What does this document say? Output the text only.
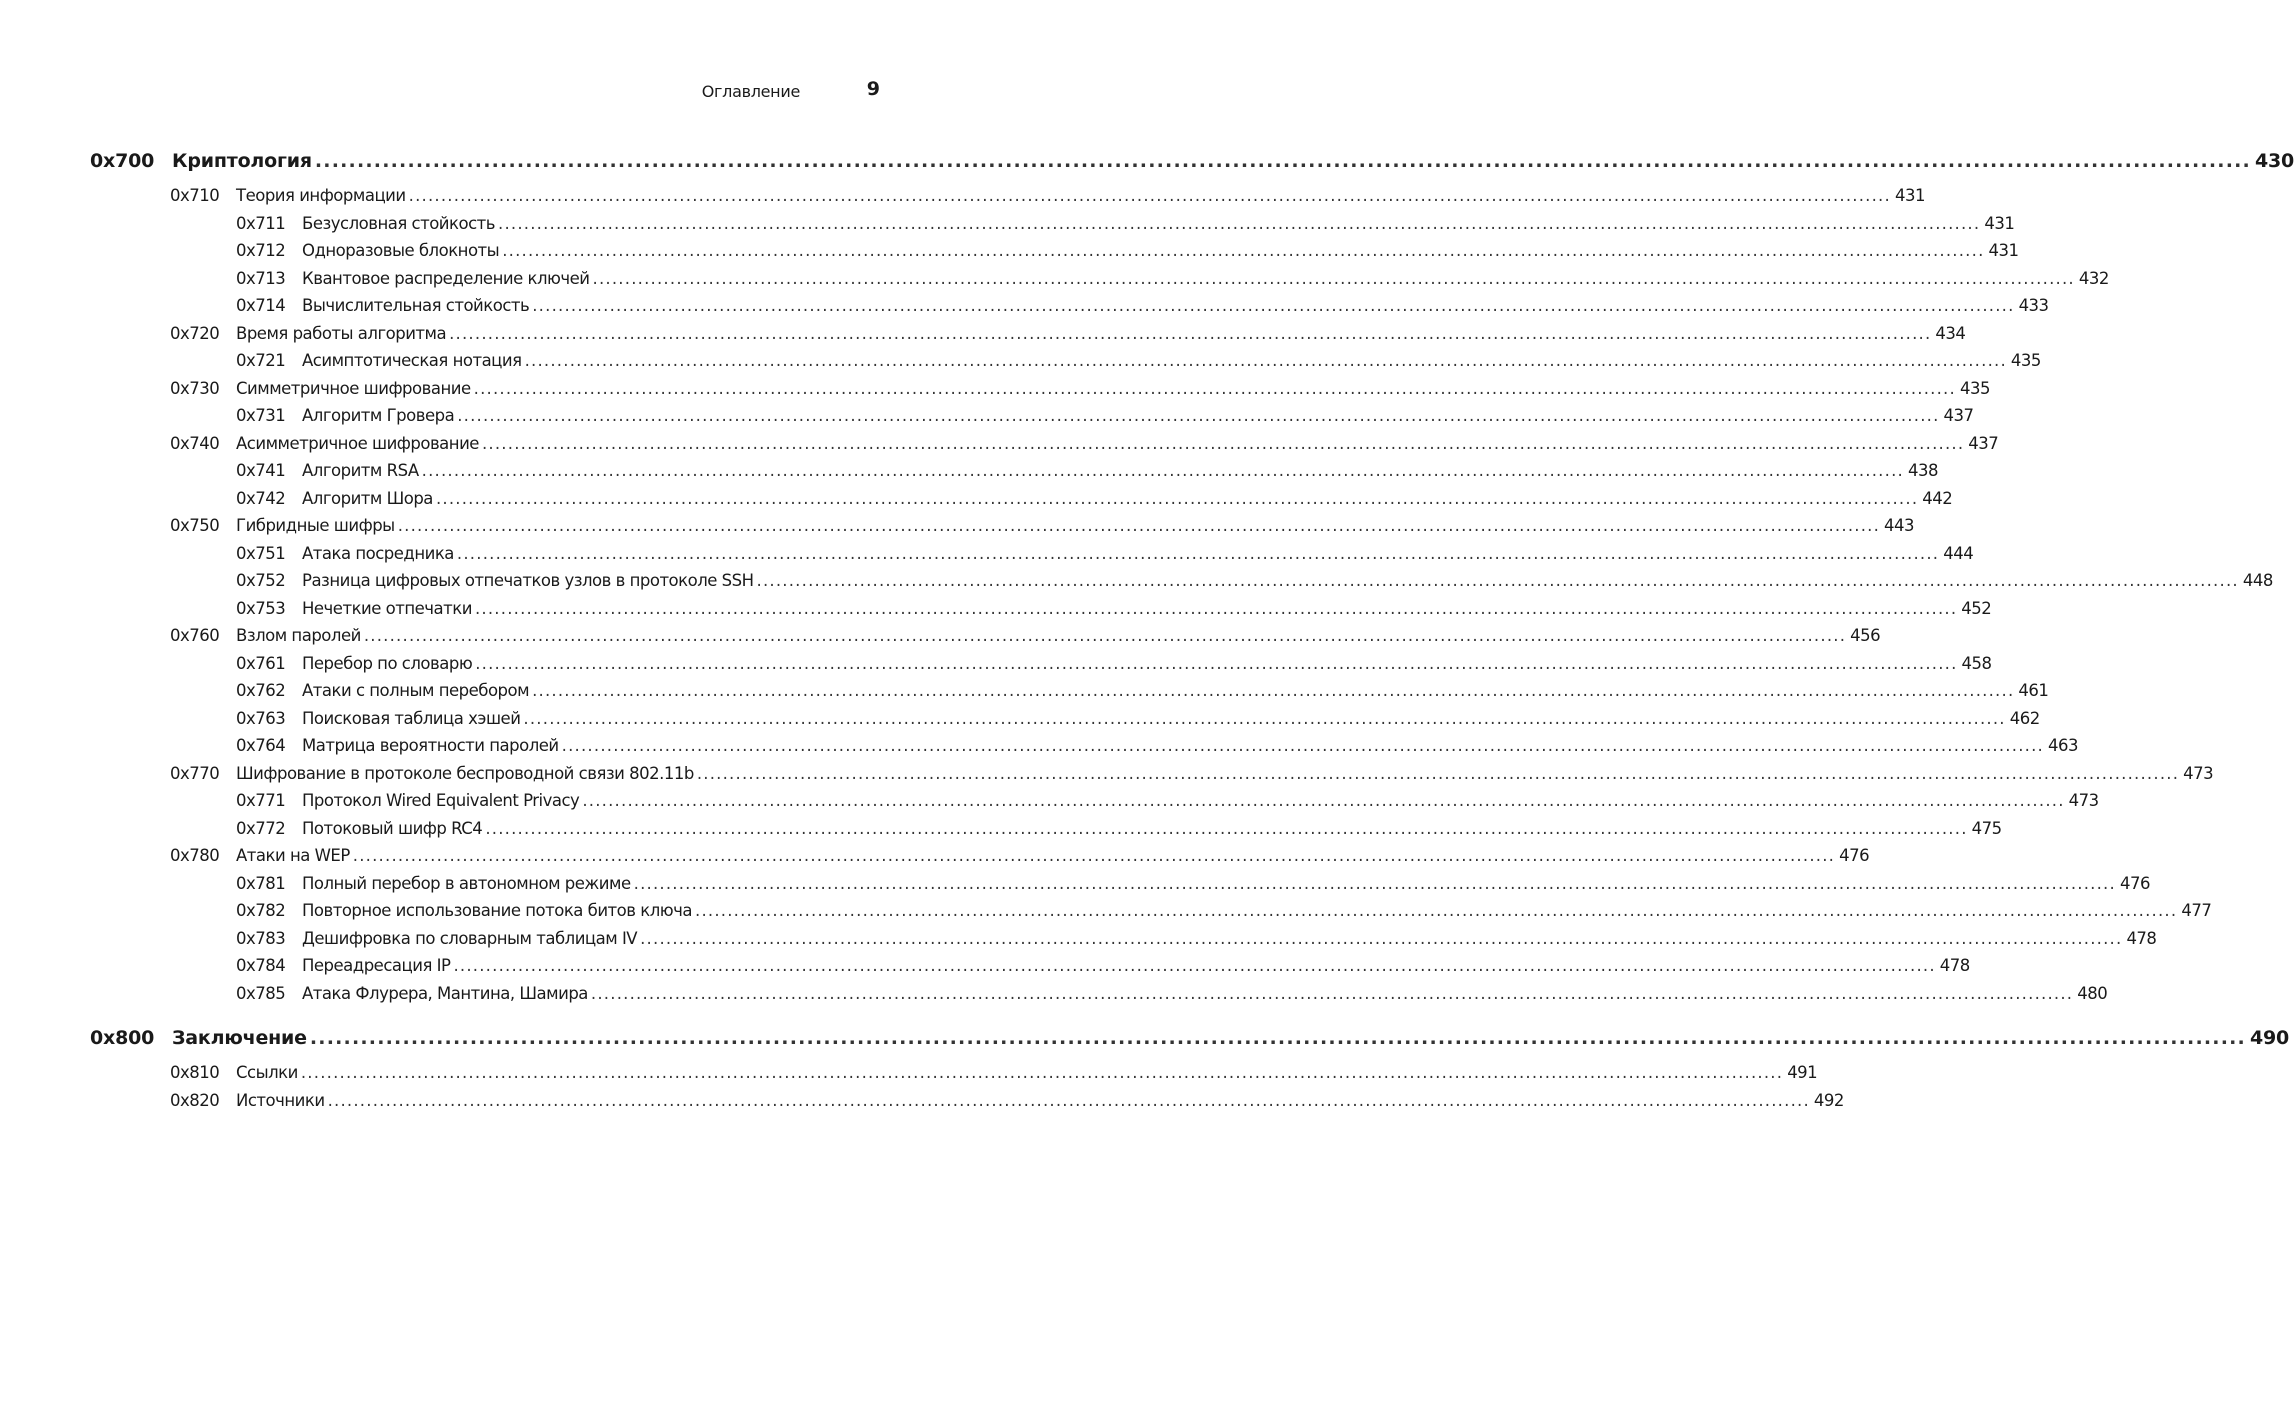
Оглавление	9
0x700 Криптология .....	430
0x710	Теория информации .....	431
0x711	Безусловная стойкость .....	431
0x712	Одноразовые блокноты .....	431
0x713	Квантовое распределение ключей .....	432
0x714	Вычислительная стойкость .....	433
0x720	Время работы алгоритма .....	434
0x721	Асимптотическая нотация .....	435
0x730	Симметричное шифрование .....	435
0x731	Алгоритм Гровера .....	437
0x740	Асимметричное шифрование .....	437
0x741	Алгоритм RSA .....	438
0x742	Алгоритм Шора .....	442
0x750	Гибридные шифры .....	443
0x751	Атака посредника .....	444
0x752	Разница цифровых отпечатков узлов в протоколе SSH .....	448
0x753	Нечеткие отпечатки .....	452
0x760	Взлом паролей .....	456
0x761	Перебор по словарю .....	458
0x762	Атаки с полным перебором .....	461
0x763	Поисковая таблица хэшей .....	462
0x764	Матрица вероятности паролей .....	463
0x770	Шифрование в протоколе беспроводной связи 802.11b .....	473
0x771	Протокол Wired Equivalent Privacy .....	473
0x772	Потоковый шифр RC4 .....	475
0x780	Атаки на WEP .....	476
0x781	Полный перебор в автономном режиме .....	476
0x782	Повторное использование потока битов ключа .....	477
0x783	Дешифровка по словарным таблицам IV .....	478
0x784	Переадресация IP .....	478
0x785	Атака Флурера, Мантина, Шамира .....	480
0x800 Заключение .....	490
0x810	Ссылки .....	491
0x820	Источники .....	492
